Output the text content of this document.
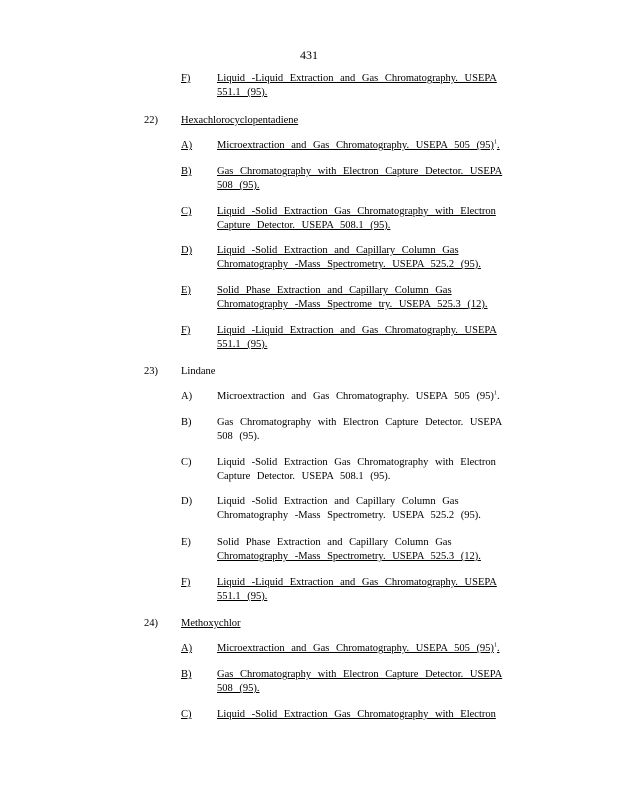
431
F)	Liquid -Liquid Extraction and Gas Chromatography. USEPA
551.1 (95).
22) Hexachlorocyclopentadiene
A) Microextraction and Gas Chromatography. USEPA 505 $(95)^1$.
B) Gas Chromatography with Electron Capture Detector. USEPA
508 (95).
C) Liquid -Solid Extraction Gas Chromatography with Electron
Capture Detector. USEPA 508.1 (95).
D) Liquid -Solid Extraction and Capillary Column Gas
Chromatography -Mass Spectrometry. USEPA 525.2 (95).
E) Solid Phase Extraction and Capillary Column Gas
Chromatography -Mass Spectrome try. USEPA 525.3 (12).
F)	Liquid -Liquid Extraction and Gas Chromatography. USEPA
551.1 (95).
23) Lindane
A) Microextraction and Gas Chromatography. USEPA 505 $(95)^1$.
B) Gas Chromatography with Electron Capture Detector. USEPA
508 (95).
C) Liquid -Solid Extraction Gas Chromatography with Electron
Capture Detector. USEPA 508.1 (95).
D) Liquid -Solid Extraction and Capillary Column Gas
Chromatography -Mass Spectrometry. USEPA 525.2 (95).
E) Solid Phase Extraction and Capillary Column Gas
Chromatography -Mass Spectrometry. USEPA 525.3 (12).
F)	Liquid -Liquid Extraction and Gas Chromatography. USEPA
551.1 (95).
24) Methoxychlor
A) Microextraction and Gas Chromatography. USEPA 505 $(95)^1$.
B) Gas Chromatography with Electron Capture Detector. USEPA
508 (95).
C) Liquid -Solid Extraction Gas Chromatography with Electron
